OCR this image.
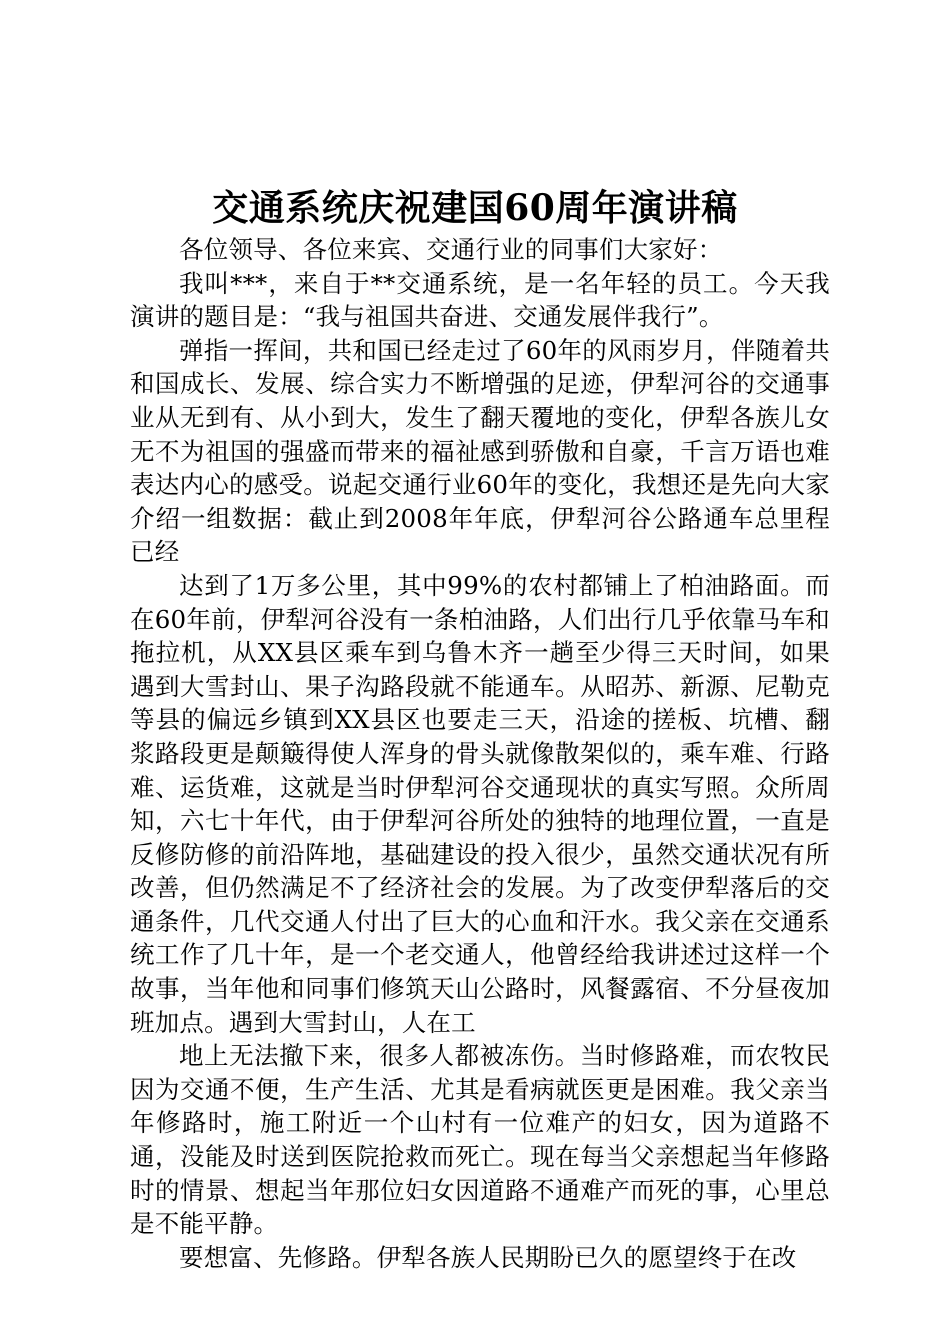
交通系统庆祝建国60周年演讲稿

各位领导、各位来宾、交通行业的同事们大家好：

我叫***，来自于**交通系统，是一名年轻的员工。今天我演讲的题目是：“我与祖国共奋进、交通发展伴我行”。

弹指一挥间，共和国已经走过了60年的风雨岁月，伴随着共和国成长、发展、综合实力不断增强的足迹，伊犁河谷的交通事业从无到有、从小到大，发生了翻天覆地的变化，伊犁各族儿女无不为祖国的强盛而带来的福祉感到骄傲和自豪，千言万语也难表达内心的感受。说起交通行业60年的变化，我想还是先向大家介绍一组数据：截止到2008年年底，伊犁河谷公路通车总里程已经

达到了1万多公里，其中99%的农村都铺上了柏油路面。而在60年前，伊犁河谷没有一条柏油路，人们出行几乎依靠马车和拖拉机，从XX县区乘车到乌鲁木齐一趟至少得三天时间，如果遇到大雪封山、果子沟路段就不能通车。从昭苏、新源、尼勒克等县的偏远乡镇到XX县区也要走三天，沿途的搓板、坑槽、翻浆路段更是颠簸得使人浑身的骨头就像散架似的，乘车难、行路难、运货难，这就是当时伊犁河谷交通现状的真实写照。众所周知，六七十年代，由于伊犁河谷所处的独特的地理位置，一直是反修防修的前沿阵地，基础建设的投入很少，虽然交通状况有所改善，但仍然满足不了经济社会的发展。为了改变伊犁落后的交通条件，几代交通人付出了巨大的心血和汗水。我父亲在交通系统工作了几十年，是一个老交通人，他曾经给我讲述过这样一个故事，当年他和同事们修筑天山公路时，风餐露宿、不分昼夜加班加点。遇到大雪封山，人在工

地上无法撤下来，很多人都被冻伤。当时修路难，而农牧民因为交通不便，生产生活、尤其是看病就医更是困难。我父亲当年修路时，施工附近一个山村有一位难产的妇女，因为道路不通，没能及时送到医院抢救而死亡。现在每当父亲想起当年修路时的情景、想起当年那位妇女因道路不通难产而死的事，心里总是不能平静。

要想富、先修路。伊犁各族人民期盼已久的愿望终于在改
